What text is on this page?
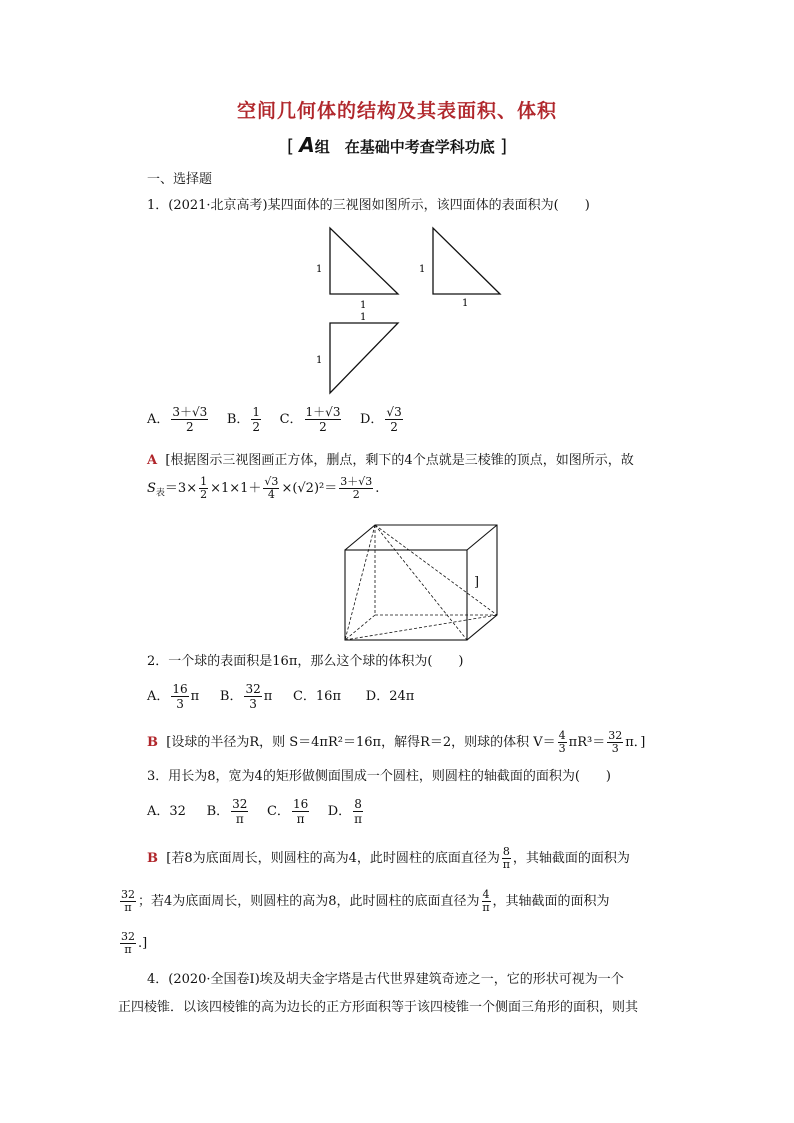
空间几何体的结构及其表面积、体积
[ A组　在基础中考查学科功底 ]
一、选择题
1．(2021·北京高考)某四面体的三视图如图所示，该四面体的表面积为(　　)
1
1
1
1
1
1
A． $\frac{3+√3}{2}$ B． $\frac{1}{2}$ C． $\frac{1+√3}{2}$ D． $\frac{√3}{2}$
A [根据图示三视图画正方体，删点，剩下的4个点就是三棱锥的顶点，如图所示，故
$S_表=3\times \frac{1}{2} \times 1\times 1+ \frac{√3}{4} \times(√2)^2= \frac{3+√3}{2}$ .
]
2．一个球的表面积是16π，那么这个球的体积为(　　)
A． $\frac{16}{3}$ π B． $\frac{32}{3}$ π C．16π D．24π
B [设球的半径为R，则 S＝4πR²＝16π，解得R＝2，则球的体积 $V= \frac{4}{3} \pi R^3= \frac{32}{3}$ π．]
3．用长为8，宽为4的矩形做侧面围成一个圆柱，则圆柱的轴截面的面积为(　　)
A．32 B． $\frac{32}{\pi}$ C． $\frac{16}{\pi}$ D． $\frac{8}{\pi}$
B [若8为底面周长，则圆柱的高为4，此时圆柱的底面直径为 $\frac{8}{\pi}$ ，其轴截面的面积为
$\frac{32}{\pi}$ ；若4为底面周长，则圆柱的高为8，此时圆柱的底面直径为 $\frac{4}{\pi}$ ，其轴截面的面积为
$\frac{32}{\pi}$ .]
4．(2020·全国卷Ⅰ)埃及胡夫金字塔是古代世界建筑奇迹之一，它的形状可视为一个
正四棱锥．以该四棱锥的高为边长的正方形面积等于该四棱锥一个侧面三角形的面积，则其
